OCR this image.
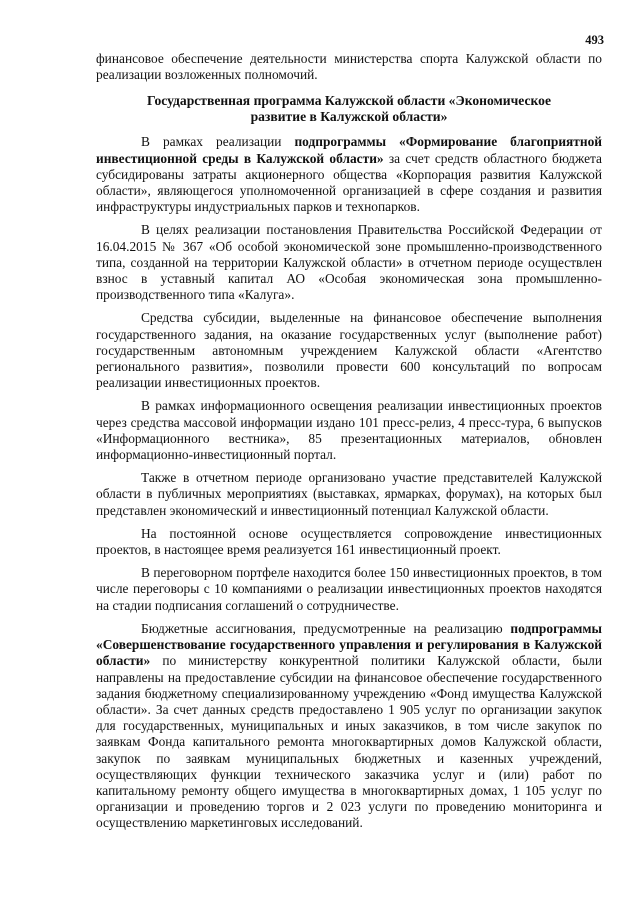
493

финансовое обеспечение деятельности министерства спорта Калужской области по реализации возложенных полномочий.

Государственная программа Калужской области «Экономическое развитие в Калужской области»

В рамках реализации подпрограммы «Формирование благоприятной инвестиционной среды в Калужской области» за счет средств областного бюджета субсидированы затраты акционерного общества «Корпорация развития Калужской области», являющегося уполномоченной организацией в сфере создания и развития инфраструктуры индустриальных парков и технопарков.

В целях реализации постановления Правительства Российской Федерации от 16.04.2015 № 367 «Об особой экономической зоне промышленно-производственного типа, созданной на территории Калужской области» в отчетном периоде осуществлен взнос в уставный капитал АО «Особая экономическая зона промышленно-производственного типа «Калуга».

Средства субсидии, выделенные на финансовое обеспечение выполнения государственного задания, на оказание государственных услуг (выполнение работ) государственным автономным учреждением Калужской области «Агентство регионального развития», позволили провести 600 консультаций по вопросам реализации инвестиционных проектов.

В рамках информационного освещения реализации инвестиционных проектов через средства массовой информации издано 101 пресс-релиз, 4 пресс-тура, 6 выпусков «Информационного вестника», 85 презентационных материалов, обновлен информационно-инвестиционный портал.

Также в отчетном периоде организовано участие представителей Калужской области в публичных мероприятиях (выставках, ярмарках, форумах), на которых был представлен экономический и инвестиционный потенциал Калужской области.

На постоянной основе осуществляется сопровождение инвестиционных проектов, в настоящее время реализуется 161 инвестиционный проект.

В переговорном портфеле находится более 150 инвестиционных проектов, в том числе переговоры с 10 компаниями о реализации инвестиционных проектов находятся на стадии подписания соглашений о сотрудничестве.

Бюджетные ассигнования, предусмотренные на реализацию подпрограммы «Совершенствование государственного управления и регулирования в Калужской области» по министерству конкурентной политики Калужской области, были направлены на предоставление субсидии на финансовое обеспечение государственного задания бюджетному специализированному учреждению «Фонд имущества Калужской области». За счет данных средств предоставлено 1 905 услуг по организации закупок для государственных, муниципальных и иных заказчиков, в том числе закупок по заявкам Фонда капитального ремонта многоквартирных домов Калужской области, закупок по заявкам муниципальных бюджетных и казенных учреждений, осуществляющих функции технического заказчика услуг и (или) работ по капитальному ремонту общего имущества в многоквартирных домах, 1 105 услуг по организации и проведению торгов и 2 023 услуги по проведению мониторинга и осуществлению маркетинговых исследований.
